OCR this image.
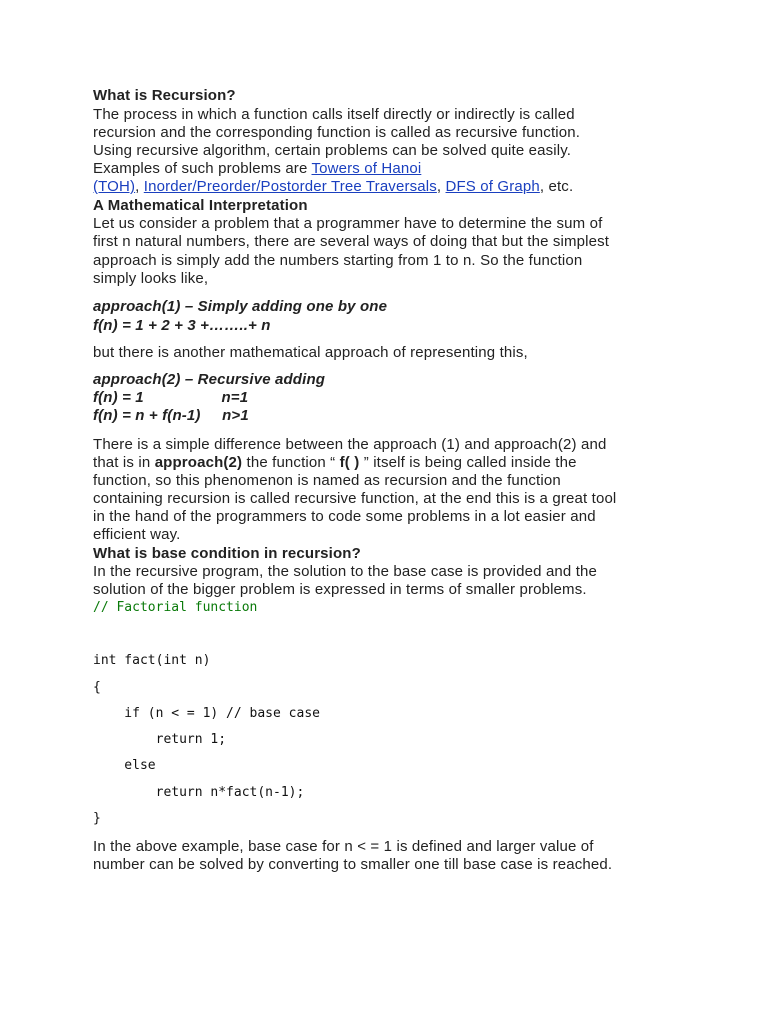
What is Recursion?
The process in which a function calls itself directly or indirectly is called
recursion and the corresponding function is called as recursive function.
Using recursive algorithm, certain problems can be solved quite easily.
Examples of such problems are Towers of Hanoi
(TOH), Inorder/Preorder/Postorder Tree Traversals, DFS of Graph, etc.
A Mathematical Interpretation
Let us consider a problem that a programmer have to determine the sum of
first n natural numbers, there are several ways of doing that but the simplest
approach is simply add the numbers starting from 1 to n. So the function
simply looks like,
approach(1) – Simply adding one by one
f(n) = 1 + 2 + 3 +……..+ n
but there is another mathematical approach of representing this,
approach(2) – Recursive adding
f(n) = 1                  n=1
f(n) = n + f(n-1)     n>1
There is a simple difference between the approach (1) and approach(2) and
that is in approach(2) the function “ f( ) ” itself is being called inside the
function, so this phenomenon is named as recursion and the function
containing recursion is called recursive function, at the end this is a great tool
in the hand of the programmers to code some problems in a lot easier and
efficient way.
What is base condition in recursion?
In the recursive program, the solution to the base case is provided and the
solution of the bigger problem is expressed in terms of smaller problems.
// Factorial function
int fact(int n)
{
if (n < = 1) // base case
return 1;
else
return n*fact(n-1);
}
In the above example, base case for n < = 1 is defined and larger value of
number can be solved by converting to smaller one till base case is reached.
